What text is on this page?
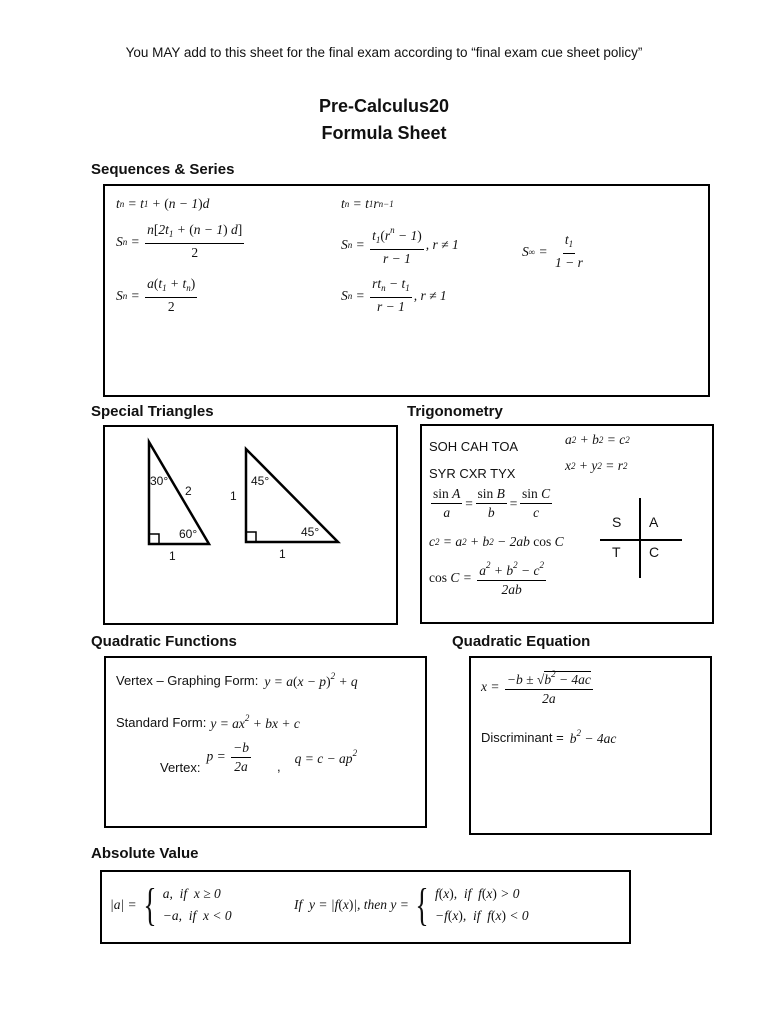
You MAY add to this sheet for the final exam according to “final exam cue sheet policy”
Pre-Calculus20
Formula Sheet
Sequences & Series
t n = t 1 + ( n − 1 ) d
S $n = \frac{n[2t_1 + (n - 1) d]}{2}$
S $n = \frac{a(t_1 + t_n)}{2}$
t n = t 1 r n−1
S $n = \frac{t_1(r^n - 1)}{r - 1}$ , r ≠ 1
S $n = \frac{rt_n - t_1}{r - 1}$ , r ≠ 1
S ∞ = $\frac{t_1}{1 - r}$
Special Triangles
30°
2
60°
1
45°
1
45°
1
Trigonometry
SOH CAH TOA
SYR CXR TYX
a 2 + b 2 = c 2
x 2 + y 2 = r 2
$\frac{\text{sin A}}{a} = \frac{\text{sin B}}{b} = \frac{\text{sin C}}{c}$
c 2 = a 2 + b 2 − 2ab cos C
$\cos C = \frac{a^2 + b^2 - c^2}{2ab}$
S A
T C
Quadratic Functions
Vertex – Graphing Form: $y = a(x - p)^2 + q$
Standard Form: $y = ax^2$ + bx + c
Vertex:
$p = \frac{-b}{2a}$ ,
$q = c - ap^2$
Quadratic Equation
$x = \frac{-b \pm √b^2 - 4ac}{2a}$
Discriminant = $b^2 - 4ac$
Absolute Value
|a| = { a,  if  x ≥ 0
−a,  if  x < 0
If y = |f ( x ) |, then y = { f(x),  if  f(x) > 0
−f(x),  if  f(x) < 0
